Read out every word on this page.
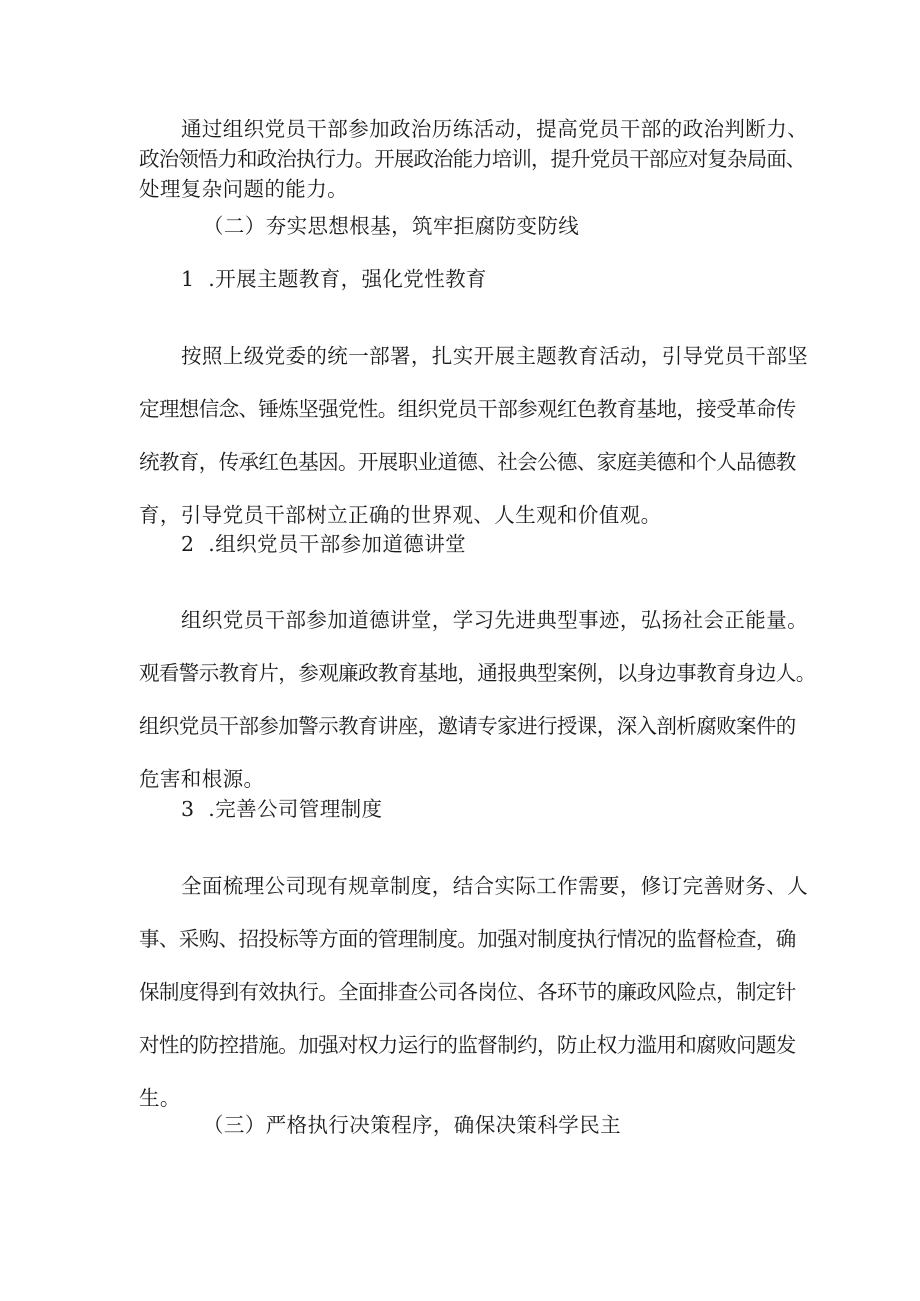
通过组织党员干部参加政治历练活动，提高党员干部的政治判断力、
政治领悟力和政治执行力。开展政治能力培训，提升党员干部应对复杂局面、
处理复杂问题的能力。
（二）夯实思想根基，筑牢拒腐防变防线
1  .开展主题教育，强化党性教育
按照上级党委的统一部署，扎实开展主题教育活动，引导党员干部坚
定理想信念、锤炼坚强党性。组织党员干部参观红色教育基地，接受革命传
统教育，传承红色基因。开展职业道德、社会公德、家庭美德和个人品德教
育，引导党员干部树立正确的世界观、人生观和价值观。
2  .组织党员干部参加道德讲堂
组织党员干部参加道德讲堂，学习先进典型事迹，弘扬社会正能量。
观看警示教育片，参观廉政教育基地，通报典型案例，以身边事教育身边人。
组织党员干部参加警示教育讲座，邀请专家进行授课，深入剖析腐败案件的
危害和根源。
3  .完善公司管理制度
全面梳理公司现有规章制度，结合实际工作需要，修订完善财务、人
事、采购、招投标等方面的管理制度。加强对制度执行情况的监督检查，确
保制度得到有效执行。全面排查公司各岗位、各环节的廉政风险点，制定针
对性的防控措施。加强对权力运行的监督制约，防止权力滥用和腐败问题发
生。
（三）严格执行决策程序，确保决策科学民主
